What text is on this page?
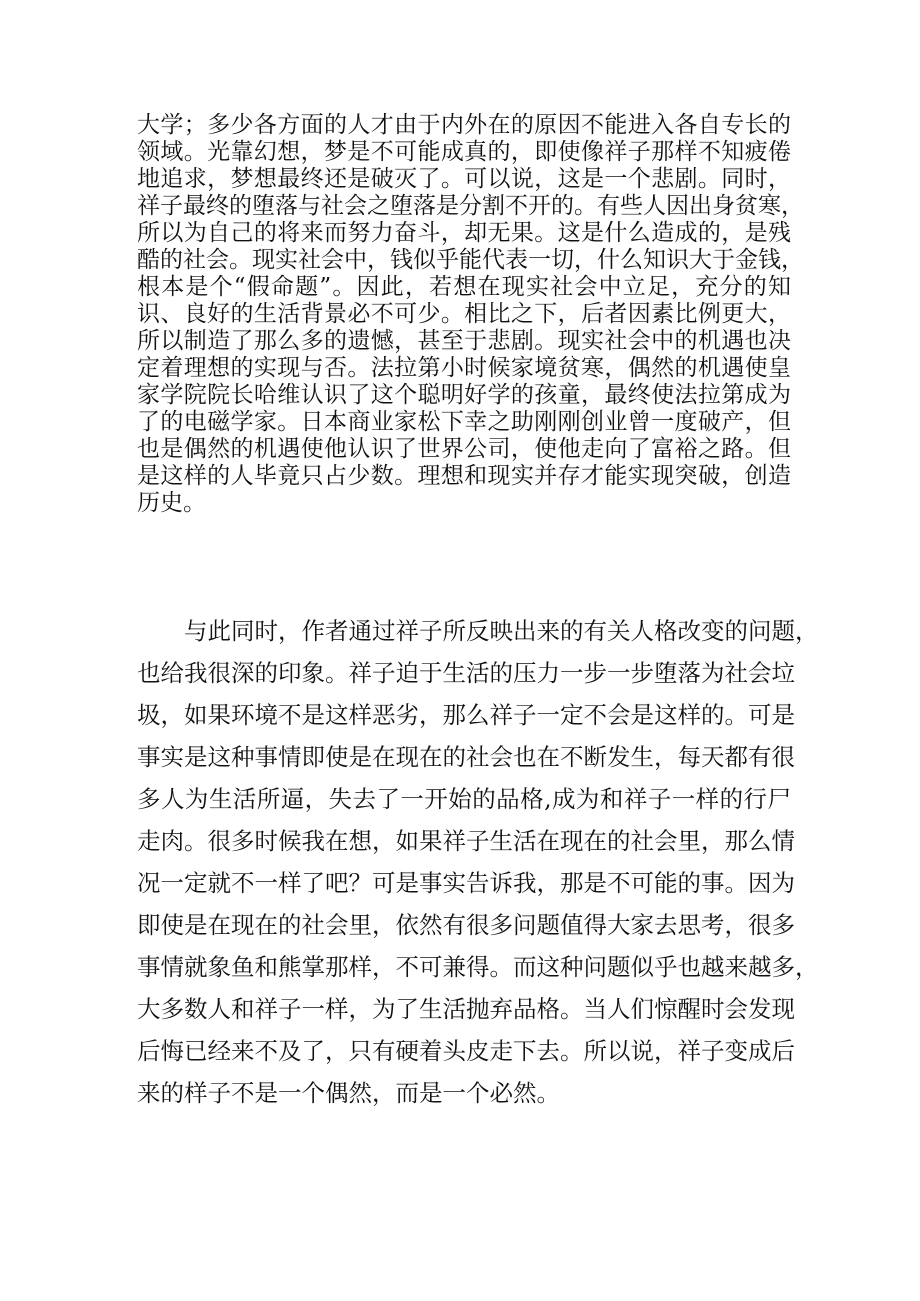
大学；多少各方面的人才由于内外在的原因不能进入各自专长的
领域。光靠幻想，梦是不可能成真的，即使像祥子那样不知疲倦
地追求，梦想最终还是破灭了。可以说，这是一个悲剧。同时，
祥子最终的堕落与社会之堕落是分割不开的。有些人因出身贫寒，
所以为自己的将来而努力奋斗，却无果。这是什么造成的，是残
酷的社会。现实社会中，钱似乎能代表一切，什么知识大于金钱，
根本是个“假命题”。因此，若想在现实社会中立足，充分的知
识、良好的生活背景必不可少。相比之下，后者因素比例更大，
所以制造了那么多的遗憾，甚至于悲剧。现实社会中的机遇也决
定着理想的实现与否。法拉第小时候家境贫寒，偶然的机遇使皇
家学院院长哈维认识了这个聪明好学的孩童，最终使法拉第成为
了的电磁学家。日本商业家松下幸之助刚刚创业曾一度破产，但
也是偶然的机遇使他认识了世界公司，使他走向了富裕之路。但
是这样的人毕竟只占少数。理想和现实并存才能实现突破，创造
历史。
　　与此同时，作者通过祥子所反映出来的有关人格改变的问题，
也给我很深的印象。祥子迫于生活的压力一步一步堕落为社会垃
圾，如果环境不是这样恶劣，那么祥子一定不会是这样的。可是
事实是这种事情即使是在现在的社会也在不断发生，每天都有很
多人为生活所逼，失去了一开始的品格,成为和祥子一样的行尸
走肉。很多时候我在想，如果祥子生活在现在的社会里，那么情
况一定就不一样了吧？可是事实告诉我，那是不可能的事。因为
即使是在现在的社会里，依然有很多问题值得大家去思考，很多
事情就象鱼和熊掌那样，不可兼得。而这种问题似乎也越来越多，
大多数人和祥子一样，为了生活抛弃品格。当人们惊醒时会发现
后悔已经来不及了，只有硬着头皮走下去。所以说，祥子变成后
来的样子不是一个偶然，而是一个必然。
